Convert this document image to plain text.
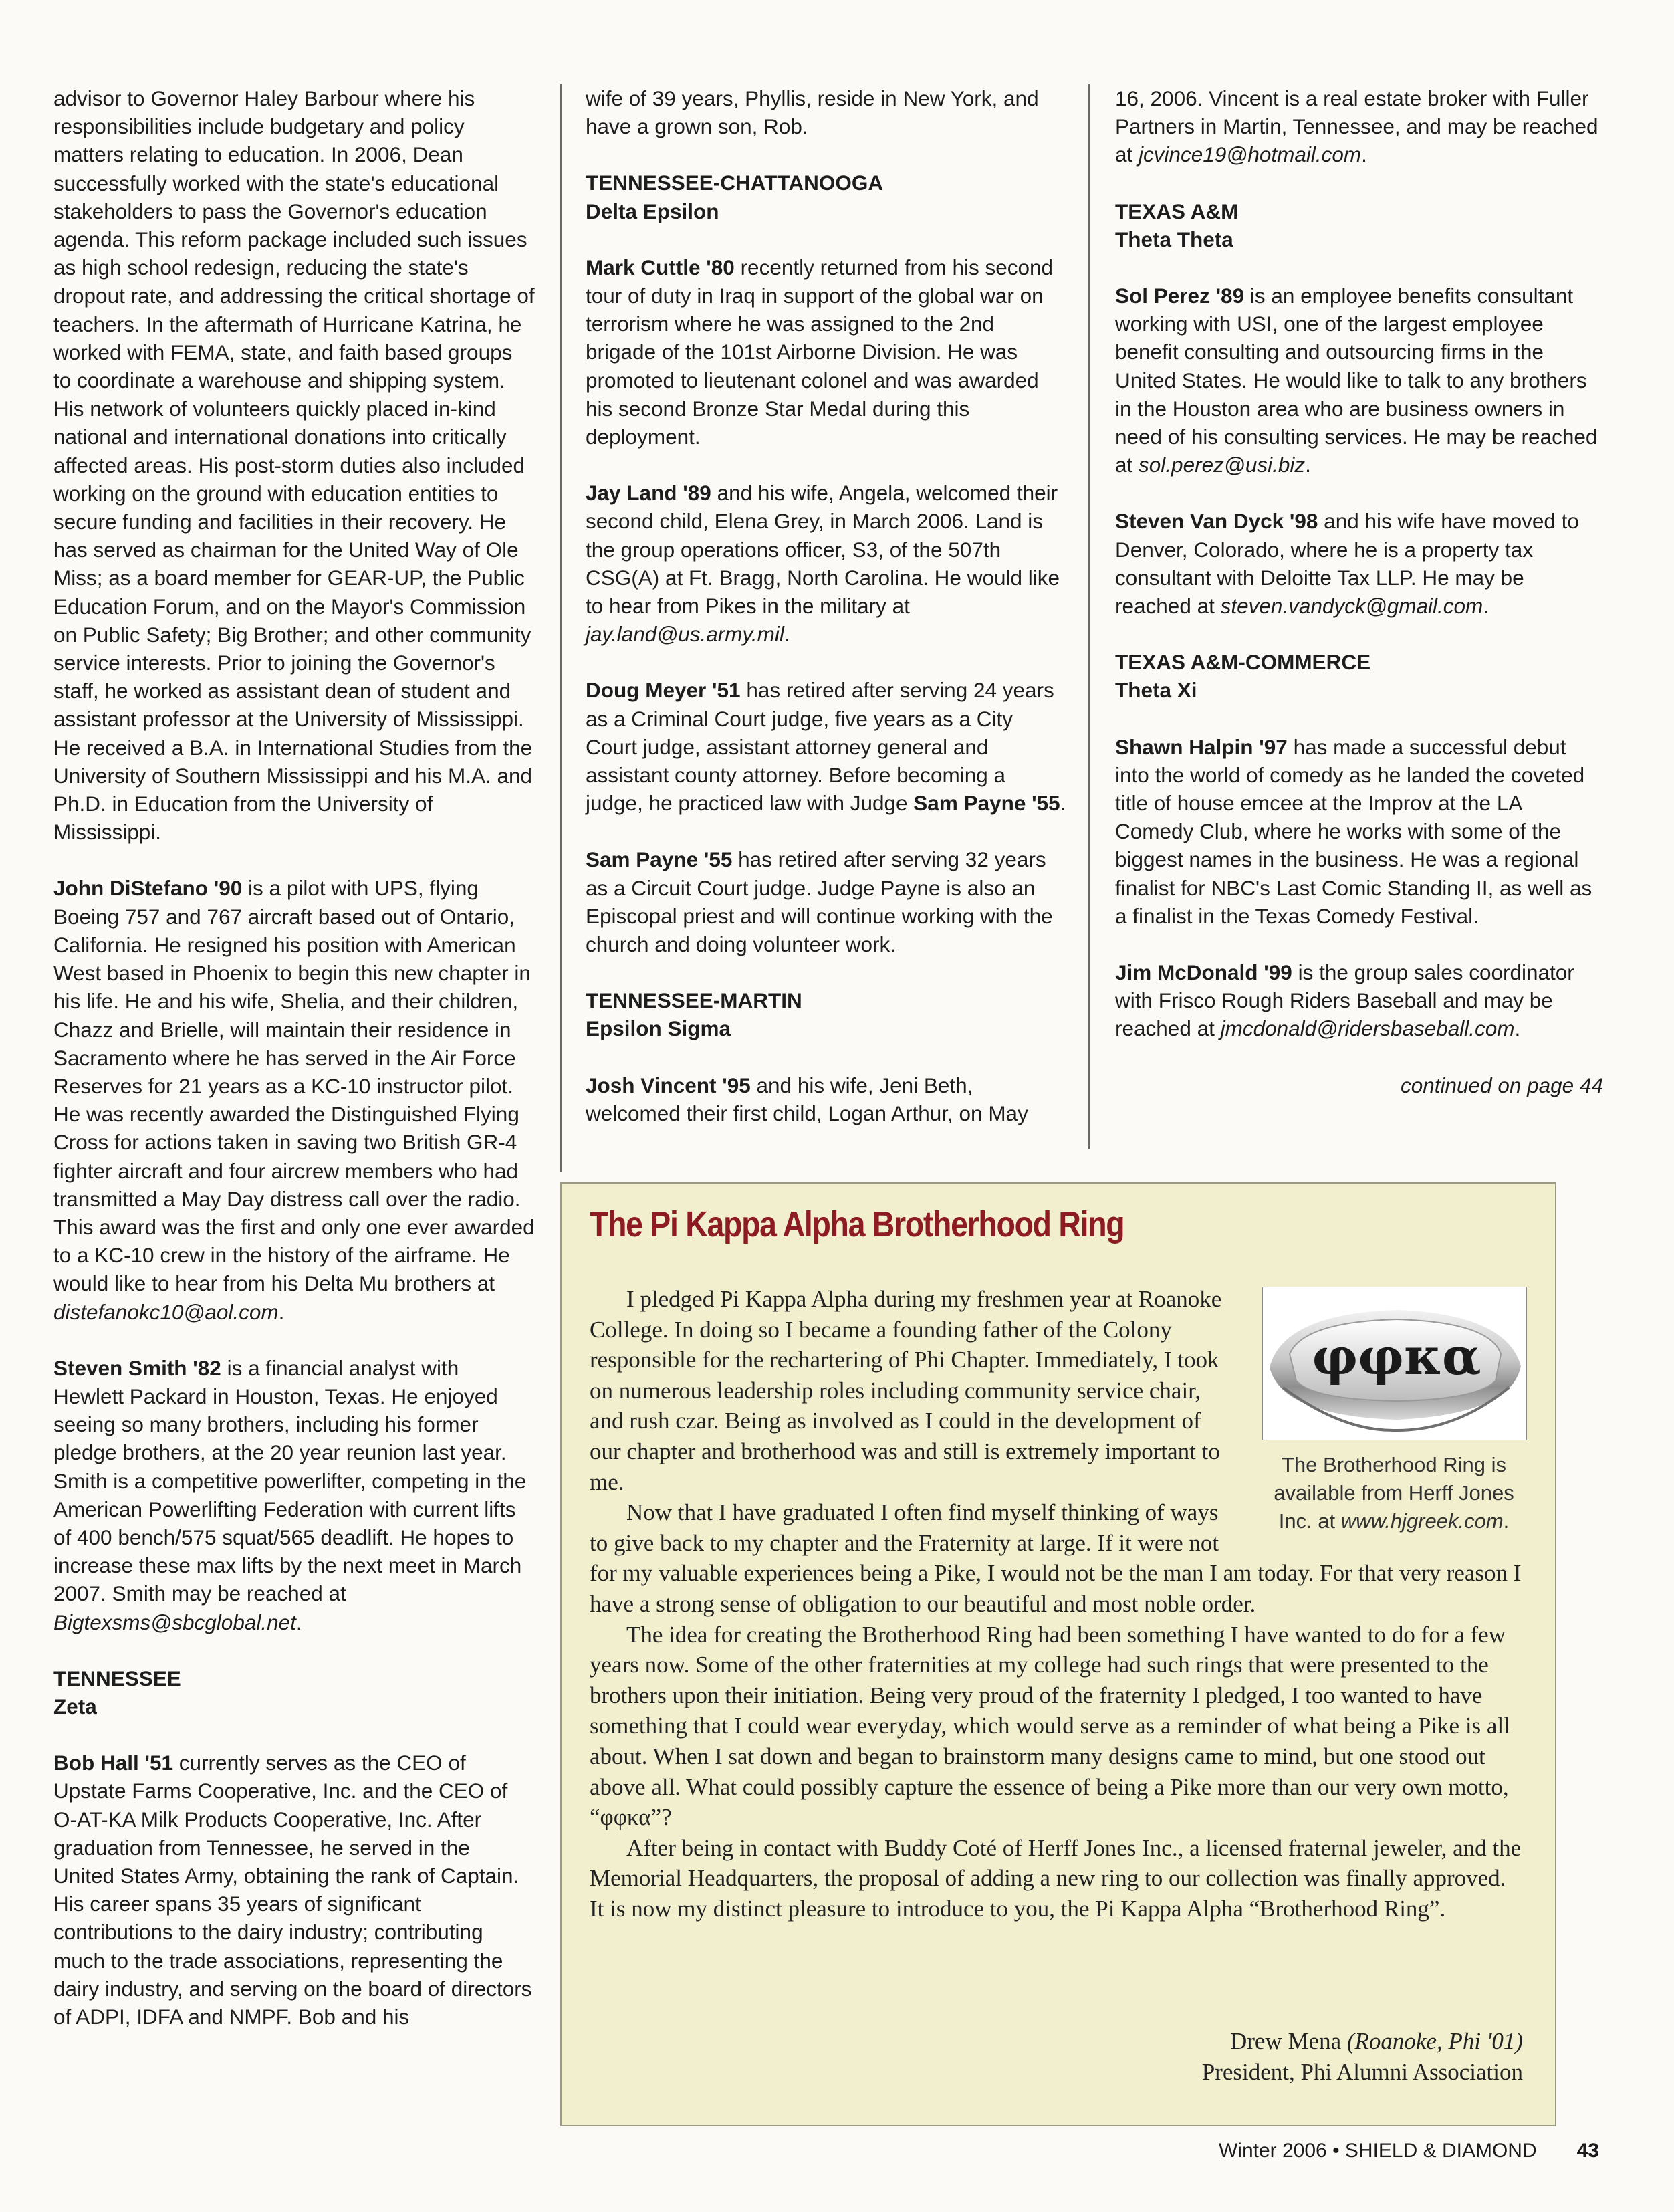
advisor to Governor Haley Barbour where his responsibilities include budgetary and policy matters relating to education. In 2006, Dean successfully worked with the state's educational stakeholders to pass the Governor's education agenda. This reform package included such issues as high school redesign, reducing the state's dropout rate, and addressing the critical shortage of teachers. In the aftermath of Hurricane Katrina, he worked with FEMA, state, and faith based groups to coordinate a warehouse and shipping system. His network of volunteers quickly placed in-kind national and international donations into critically affected areas. His post-storm duties also included working on the ground with education entities to secure funding and facilities in their recovery. He has served as chairman for the United Way of Ole Miss; as a board member for GEAR-UP, the Public Education Forum, and on the Mayor's Commission on Public Safety; Big Brother; and other community service interests. Prior to joining the Governor's staff, he worked as assistant dean of student and assistant professor at the University of Mississippi. He received a B.A. in International Studies from the University of Southern Mississippi and his M.A. and Ph.D. in Education from the University of Mississippi.

John DiStefano '90 is a pilot with UPS, flying Boeing 757 and 767 aircraft based out of Ontario, California. He resigned his position with American West based in Phoenix to begin this new chapter in his life. He and his wife, Shelia, and their children, Chazz and Brielle, will maintain their residence in Sacramento where he has served in the Air Force Reserves for 21 years as a KC-10 instructor pilot. He was recently awarded the Distinguished Flying Cross for actions taken in saving two British GR-4 fighter aircraft and four aircrew members who had transmitted a May Day distress call over the radio. This award was the first and only one ever awarded to a KC-10 crew in the history of the airframe. He would like to hear from his Delta Mu brothers at distefanokc10@aol.com.

Steven Smith '82 is a financial analyst with Hewlett Packard in Houston, Texas. He enjoyed seeing so many brothers, including his former pledge brothers, at the 20 year reunion last year. Smith is a competitive powerlifter, competing in the American Powerlifting Federation with current lifts of 400 bench/575 squat/565 deadlift. He hopes to increase these max lifts by the next meet in March 2007. Smith may be reached at Bigtexsms@sbcglobal.net.

TENNESSEE
Zeta

Bob Hall '51 currently serves as the CEO of Upstate Farms Cooperative, Inc. and the CEO of O-AT-KA Milk Products Cooperative, Inc. After graduation from Tennessee, he served in the United States Army, obtaining the rank of Captain. His career spans 35 years of significant contributions to the dairy industry; contributing much to the trade associations, representing the dairy industry, and serving on the board of directors of ADPI, IDFA and NMPF. Bob and his

wife of 39 years, Phyllis, reside in New York, and have a grown son, Rob.

TENNESSEE-CHATTANOOGA
Delta Epsilon

Mark Cuttle '80 recently returned from his second tour of duty in Iraq in support of the global war on terrorism where he was assigned to the 2nd brigade of the 101st Airborne Division. He was promoted to lieutenant colonel and was awarded his second Bronze Star Medal during this deployment.

Jay Land '89 and his wife, Angela, welcomed their second child, Elena Grey, in March 2006. Land is the group operations officer, S3, of the 507th CSG(A) at Ft. Bragg, North Carolina. He would like to hear from Pikes in the military at jay.land@us.army.mil.

Doug Meyer '51 has retired after serving 24 years as a Criminal Court judge, five years as a City Court judge, assistant attorney general and assistant county attorney. Before becoming a judge, he practiced law with Judge Sam Payne '55.

Sam Payne '55 has retired after serving 32 years as a Circuit Court judge. Judge Payne is also an Episcopal priest and will continue working with the church and doing volunteer work.

TENNESSEE-MARTIN
Epsilon Sigma

Josh Vincent '95 and his wife, Jeni Beth, welcomed their first child, Logan Arthur, on May

16, 2006. Vincent is a real estate broker with Fuller Partners in Martin, Tennessee, and may be reached at jcvince19@hotmail.com.

TEXAS A&M
Theta Theta

Sol Perez '89 is an employee benefits consultant working with USI, one of the largest employee benefit consulting and outsourcing firms in the United States. He would like to talk to any brothers in the Houston area who are business owners in need of his consulting services. He may be reached at sol.perez@usi.biz.

Steven Van Dyck '98 and his wife have moved to Denver, Colorado, where he is a property tax consultant with Deloitte Tax LLP. He may be reached at steven.vandyck@gmail.com.

TEXAS A&M-COMMERCE
Theta Xi

Shawn Halpin '97 has made a successful debut into the world of comedy as he landed the coveted title of house emcee at the Improv at the LA Comedy Club, where he works with some of the biggest names in the business. He was a regional finalist for NBC's Last Comic Standing II, as well as a finalist in the Texas Comedy Festival.

Jim McDonald '99 is the group sales coordinator with Frisco Rough Riders Baseball and may be reached at jmcdonald@ridersbaseball.com.

continued on page 44
The Pi Kappa Alpha Brotherhood Ring
φφκα
The Brotherhood Ring is available from Herff Jones Inc. at www.hjgreek.com.

I pledged Pi Kappa Alpha during my freshmen year at Roanoke College. In doing so I became a founding father of the Colony responsible for the rechartering of Phi Chapter. Immediately, I took on numerous leadership roles including community service chair, and rush czar. Being as involved as I could in the development of our chapter and brotherhood was and still is extremely important to me.

Now that I have graduated I often find myself thinking of ways to give back to my chapter and the Fraternity at large. If it were not for my valuable experiences being a Pike, I would not be the man I am today. For that very reason I have a strong sense of obligation to our beautiful and most noble order.

The idea for creating the Brotherhood Ring had been something I have wanted to do for a few years now. Some of the other fraternities at my college had such rings that were presented to the brothers upon their initiation. Being very proud of the fraternity I pledged, I too wanted to have something that I could wear everyday, which would serve as a reminder of what being a Pike is all about. When I sat down and began to brainstorm many designs came to mind, but one stood out above all. What could possibly capture the essence of being a Pike more than our very own motto, “φφκα”?

After being in contact with Buddy Coté of Herff Jones Inc., a licensed fraternal jeweler, and the Memorial Headquarters, the proposal of adding a new ring to our collection was finally approved. It is now my distinct pleasure to introduce to you, the Pi Kappa Alpha “Brotherhood Ring”.

Drew Mena (Roanoke, Phi '01)
President, Phi Alumni Association
Winter 2006 • SHIELD & DIAMOND 43
